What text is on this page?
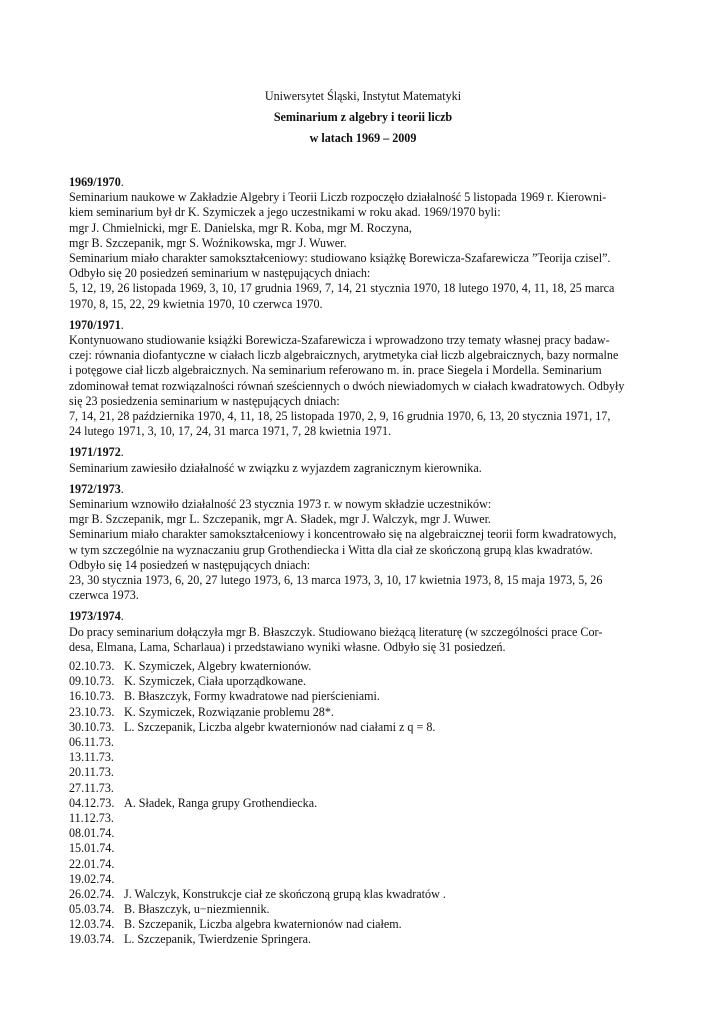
Uniwersytet Śląski, Instytut Matematyki
Seminarium z algebry i teorii liczb
w latach 1969 – 2009
1969/1970.
Seminarium naukowe w Zakładzie Algebry i Teorii Liczb rozpoczęło działalność 5 listopada 1969 r. Kierowni-
kiem seminarium był dr K. Szymiczek a jego uczestnikami w roku akad. 1969/1970 byli:
mgr J. Chmielnicki, mgr E. Danielska, mgr R. Koba, mgr M. Roczyna,
mgr B. Szczepanik, mgr S. Woźnikowska, mgr J. Wuwer.
Seminarium miało charakter samokształceniowy: studiowano książkę Borewicza-Szafarewicza ”Teorija czisel”.
Odbyło się 20 posiedzeń seminarium w następujących dniach:
5, 12, 19, 26 listopada 1969, 3, 10, 17 grudnia 1969, 7, 14, 21 stycznia 1970, 18 lutego 1970, 4, 11, 18, 25 marca
1970, 8, 15, 22, 29 kwietnia 1970, 10 czerwca 1970.
1970/1971.
Kontynuowano studiowanie książki Borewicza-Szafarewicza i wprowadzono trzy tematy własnej pracy badaw-
czej: równania diofantyczne w ciałach liczb algebraicznych, arytmetyka ciał liczb algebraicznych, bazy normalne
i potęgowe ciał liczb algebraicznych. Na seminarium referowano m. in. prace Siegela i Mordella. Seminarium
zdominował temat rozwiązalności równań sześciennych o dwóch niewiadomych w ciałach kwadratowych. Odbyły
się 23 posiedzenia seminarium w następujących dniach:
7, 14, 21, 28 października 1970, 4, 11, 18, 25 listopada 1970, 2, 9, 16 grudnia 1970, 6, 13, 20 stycznia 1971, 17,
24 lutego 1971, 3, 10, 17, 24, 31 marca 1971, 7, 28 kwietnia 1971.
1971/1972.
Seminarium zawiesiło działalność w związku z wyjazdem zagranicznym kierownika.
1972/1973.
Seminarium wznowiło działalność 23 stycznia 1973 r. w nowym składzie uczestników:
mgr B. Szczepanik, mgr L. Szczepanik, mgr A. Sładek, mgr J. Walczyk, mgr J. Wuwer.
Seminarium miało charakter samokształceniowy i koncentrowało się na algebraicznej teorii form kwadratowych,
w tym szczególnie na wyznaczaniu grup Grothendiecka i Witta dla ciał ze skończoną grupą klas kwadratów.
Odbyło się 14 posiedzeń w następujących dniach:
23, 30 stycznia 1973, 6, 20, 27 lutego 1973, 6, 13 marca 1973, 3, 10, 17 kwietnia 1973, 8, 15 maja 1973, 5, 26
czerwca 1973.
1973/1974.
Do pracy seminarium dołączyła mgr B. Błaszczyk. Studiowano bieżącą literaturę (w szczególności prace Cor-
desa, Elmana, Lama, Scharlaua) i przedstawiano wyniki własne. Odbyło się 31 posiedzeń.
02.10.73. K. Szymiczek, Algebry kwaternionów.
09.10.73. K. Szymiczek, Ciała uporządkowane.
16.10.73. B. Błaszczyk, Formy kwadratowe nad pierścieniami.
23.10.73. K. Szymiczek, Rozwiązanie problemu 28*.
30.10.73. L. Szczepanik, Liczba algebr kwaternionów nad ciałami z q = 8.
06.11.73.
13.11.73.
20.11.73.
27.11.73.
04.12.73. A. Sładek, Ranga grupy Grothendiecka.
11.12.73.
08.01.74.
15.01.74.
22.01.74.
19.02.74.
26.02.74. J. Walczyk, Konstrukcje ciał ze skończoną grupą klas kwadratów .
05.03.74. B. Błaszczyk, u−niezmiennik.
12.03.74. B. Szczepanik, Liczba algebra kwaternionów nad ciałem.
19.03.74. L. Szczepanik, Twierdzenie Springera.
